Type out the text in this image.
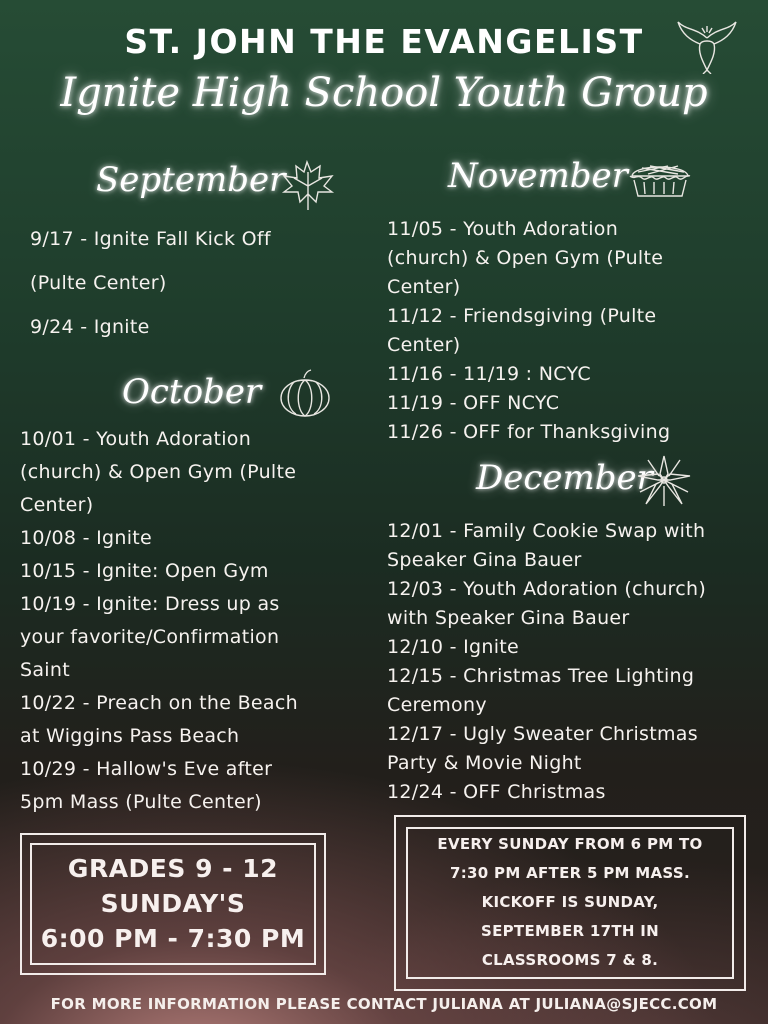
ST. JOHN THE EVANGELIST
Ignite High School Youth Group
September
9/17 - Ignite Fall Kick Off
(Pulte Center)
9/24 - Ignite
October
10/01 - Youth Adoration
(church) & Open Gym (Pulte
Center)
10/08 - Ignite
10/15 - Ignite: Open Gym
10/19 - Ignite: Dress up as
your favorite/Confirmation
Saint
10/22 - Preach on the Beach
at Wiggins Pass Beach
10/29 - Hallow's Eve after
5pm Mass (Pulte Center)
November
11/05 - Youth Adoration
(church) & Open Gym (Pulte
Center)
11/12 - Friendsgiving (Pulte
Center)
11/16 - 11/19 : NCYC
11/19 - OFF NCYC
11/26 - OFF for Thanksgiving
December
12/01 - Family Cookie Swap with
Speaker Gina Bauer
12/03 - Youth Adoration (church)
with Speaker Gina Bauer
12/10 - Ignite
12/15 - Christmas Tree Lighting
Ceremony
12/17 - Ugly Sweater Christmas
Party & Movie Night
12/24 - OFF Christmas
GRADES 9 - 12
SUNDAY'S
6:00 PM - 7:30 PM
EVERY SUNDAY FROM 6 PM TO
7:30 PM AFTER 5 PM MASS.
KICKOFF IS SUNDAY,
SEPTEMBER 17TH IN
CLASSROOMS 7 & 8.
FOR MORE INFORMATION PLEASE CONTACT JULIANA AT JULIANA@SJECC.COM
